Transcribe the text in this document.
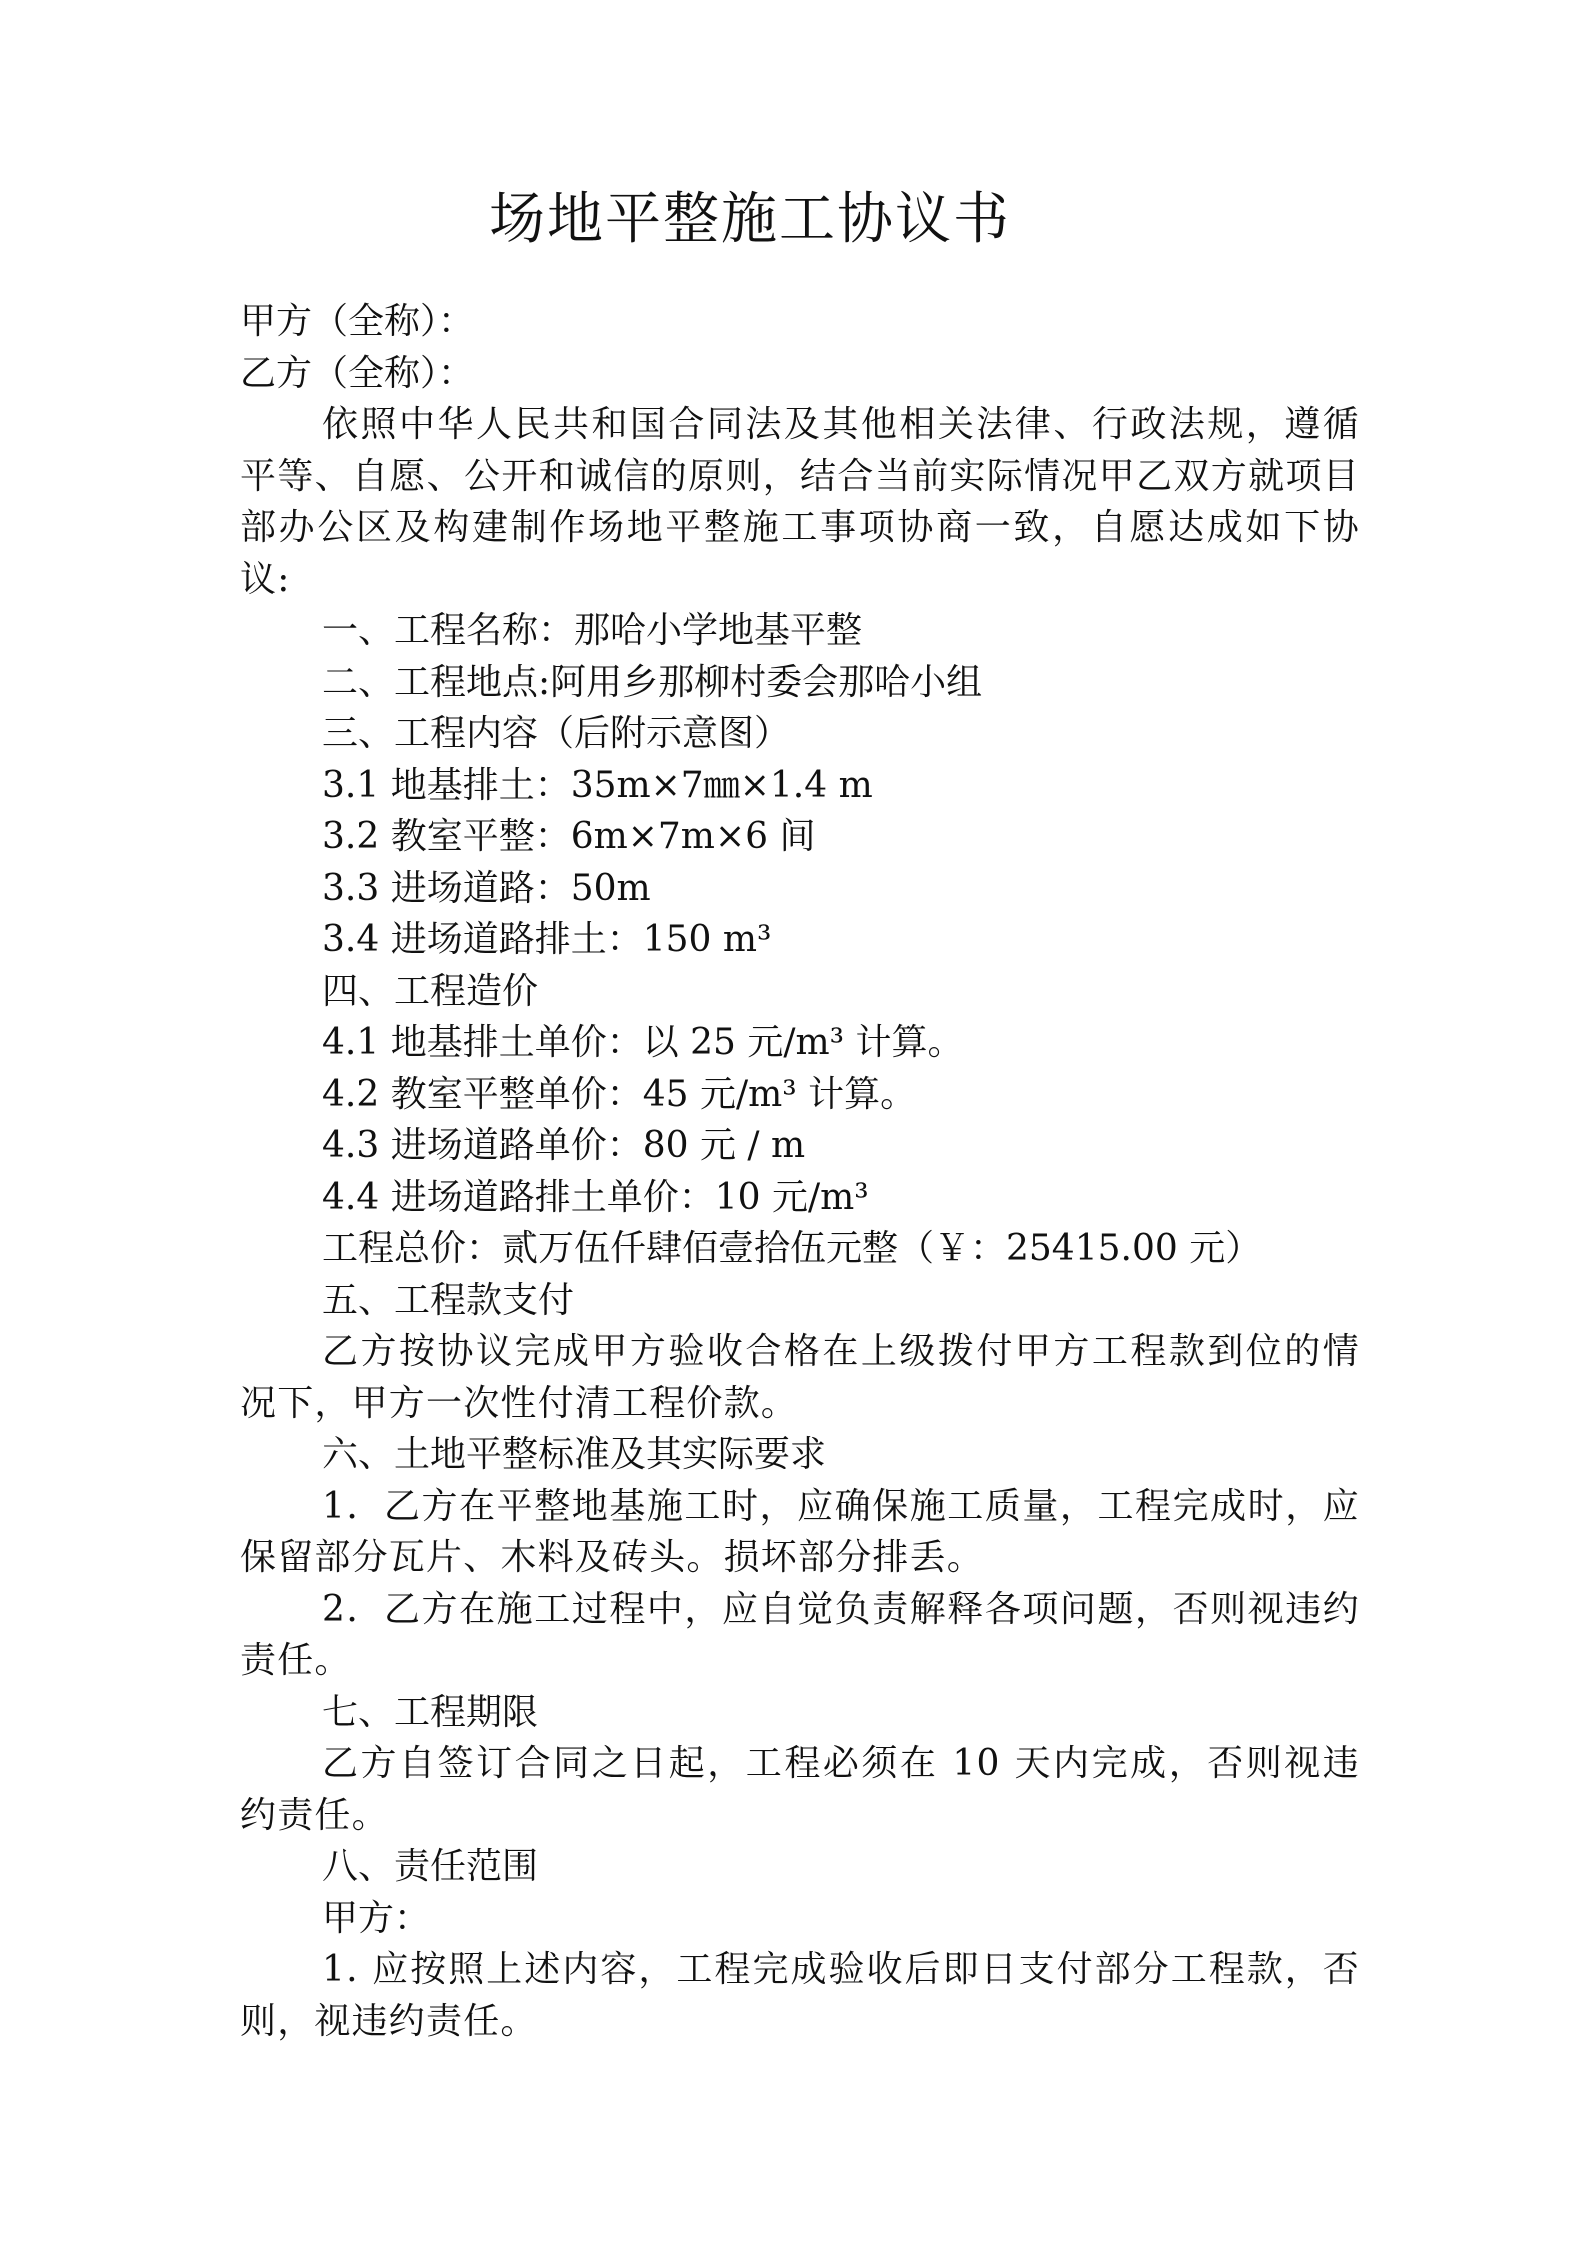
场地平整施工协议书
甲方（全称）：
乙方（全称）：

依照中华人民共和国合同法及其他相关法律、行政法规，遵循平等、自愿、公开和诚信的原则，结合当前实际情况甲乙双方就项目部办公区及构建制作场地平整施工事项协商一致，自愿达成如下协议:

一、工程名称：那哈小学地基平整
二、工程地点:阿用乡那柳村委会那哈小组
三、工程内容（后附示意图）
3.1 地基排土：35m×7㎜×1.4 m
3.2 教室平整：6m×7m×6 间
3.3 进场道路：50m
3.4 进场道路排土：150 m³
四、工程造价
4.1 地基排土单价：以 25 元/m³ 计算。
4.2 教室平整单价：45 元/m³ 计算。
4.3 进场道路单价：80 元 / m
4.4 进场道路排土单价：10 元/m³
工程总价：贰万伍仟肆佰壹拾伍元整（￥：25415.00 元）
五、工程款支付

乙方按协议完成甲方验收合格在上级拨付甲方工程款到位的情况下，甲方一次性付清工程价款。

六、土地平整标准及其实际要求

1．乙方在平整地基施工时，应确保施工质量，工程完成时，应保留部分瓦片、木料及砖头。损坏部分排丢。

2．乙方在施工过程中，应自觉负责解释各项问题，否则视违约责任。

七、工程期限

乙方自签订合同之日起，工程必须在 10 天内完成，否则视违约责任。

八、责任范围
甲方：

1. 应按照上述内容，工程完成验收后即日支付部分工程款，否则，视违约责任。
